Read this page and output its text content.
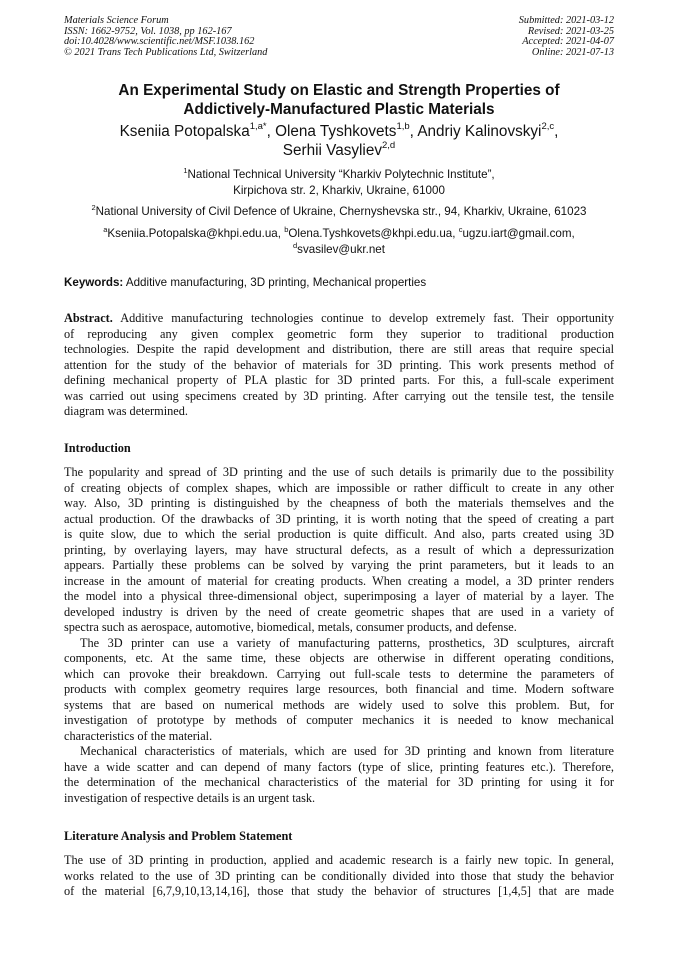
Materials Science Forum
ISSN: 1662-9752, Vol. 1038, pp 162-167
doi:10.4028/www.scientific.net/MSF.1038.162
© 2021 Trans Tech Publications Ltd, Switzerland
Submitted: 2021-03-12
Revised: 2021-03-25
Accepted: 2021-04-07
Online: 2021-07-13
An Experimental Study on Elastic and Strength Properties of
Addictively-Manufactured Plastic Materials
Kseniia Potopalska$^{1,a*}$, Olena Tyshkovets$^{1,b}$, Andriy Kalinovskyi$^{2,c}$,
Serhii Vasyliev$^{2,d}$
$^1$National Technical University “Kharkiv Polytechnic Institute”,
Kirpichova str. 2, Kharkiv, Ukraine, 61000
$^2$National University of Civil Defence of Ukraine, Chernyshevska str., 94, Kharkiv, Ukraine, 61023
$^a$Kseniia.Potopalska@khpi.edu.ua, $^b$Olena.Tyshkovets@khpi.edu.ua, $^c$ugzu.iart@gmail.com,
$^d$svasilev@ukr.net
Keywords: Additive manufacturing, 3D printing, Mechanical properties
Abstract. Additive manufacturing technologies continue to develop extremely fast. Their opportunity
of reproducing any given complex geometric form they superior to traditional production
technologies. Despite the rapid development and distribution, there are still areas that require special
attention for the study of the behavior of materials for 3D printing. This work presents method of
defining mechanical property of PLA plastic for 3D printed parts. For this, a full-scale experiment
was carried out using specimens created by 3D printing. After carrying out the tensile test, the tensile
diagram was determined.
Introduction
The popularity and spread of 3D printing and the use of such details is primarily due to the possibility
of creating objects of complex shapes, which are impossible or rather difficult to create in any other
way. Also, 3D printing is distinguished by the cheapness of both the materials themselves and the
actual production. Of the drawbacks of 3D printing, it is worth noting that the speed of creating a part
is quite slow, due to which the serial production is quite difficult. And also, parts created using 3D
printing, by overlaying layers, may have structural defects, as a result of which a depressurization
appears. Partially these problems can be solved by varying the print parameters, but it leads to an
increase in the amount of material for creating products. When creating a model, a 3D printer renders
the model into a physical three-dimensional object, superimposing a layer of material by a layer. The
developed industry is driven by the need of create geometric shapes that are used in a variety of
spectra such as aerospace, automotive, biomedical, metals, consumer products, and defense.
The 3D printer can use a variety of manufacturing patterns, prosthetics, 3D sculptures, aircraft
components, etc. At the same time, these objects are otherwise in different operating conditions,
which can provoke their breakdown. Carrying out full-scale tests to determine the parameters of
products with complex geometry requires large resources, both financial and time. Modern software
systems that are based on numerical methods are widely used to solve this problem. But, for
investigation of prototype by methods of computer mechanics it is needed to know mechanical
characteristics of the material.
Mechanical characteristics of materials, which are used for 3D printing and known from literature
have a wide scatter and can depend of many factors (type of slice, printing features etc.). Therefore,
the determination of the mechanical characteristics of the material for 3D printing for using it for
investigation of respective details is an urgent task.
Literature Analysis and Problem Statement
The use of 3D printing in production, applied and academic research is a fairly new topic. In general,
works related to the use of 3D printing can be conditionally divided into those that study the behavior
of the material [6,7,9,10,13,14,16], those that study the behavior of structures [1,4,5] that are made
